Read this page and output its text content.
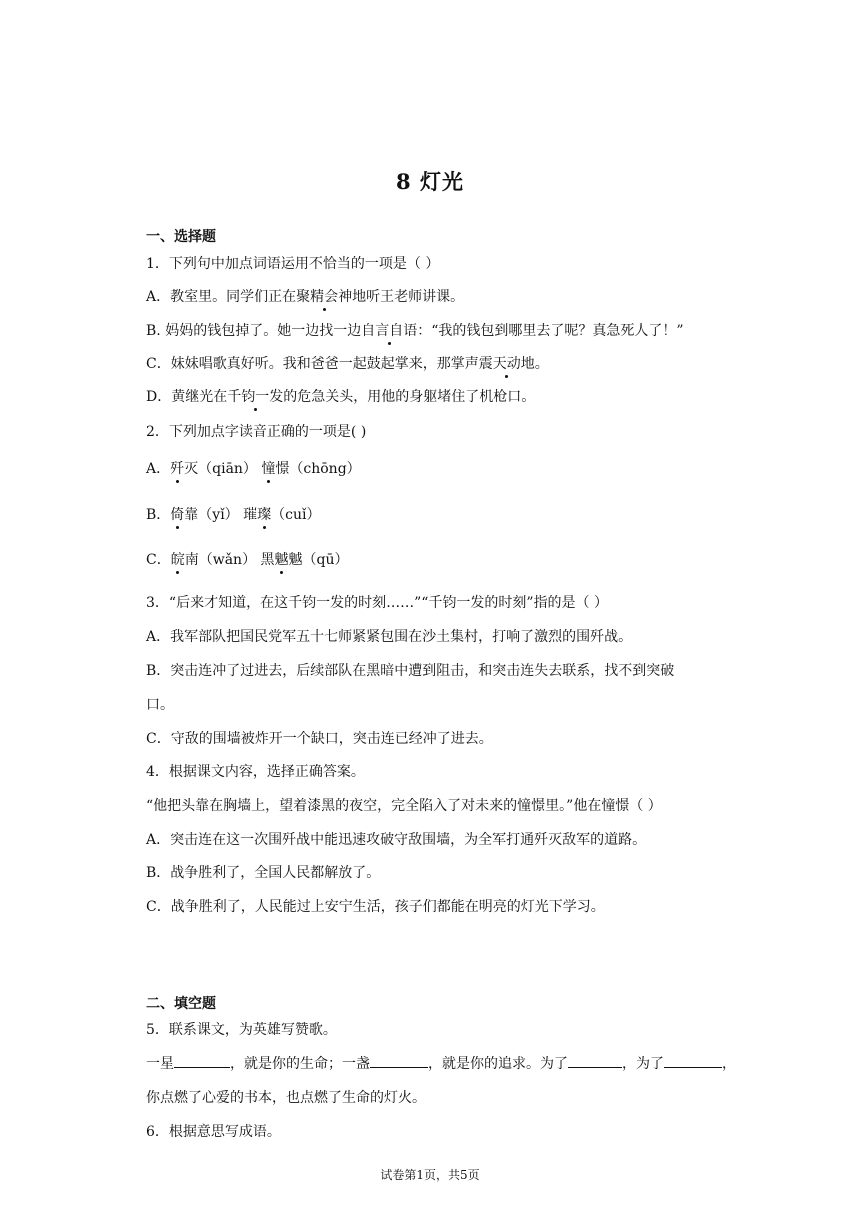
8 灯光
一、选择题
1．下列句中加点词语运用不恰当的一项是（ ）
A．教室里。同学们正在聚精会神地听王老师讲课。
B. 妈妈的钱包掉了。她一边找一边自言自语：“我的钱包到哪里去了呢？真急死人了！”
C．妹妹唱歌真好听。我和爸爸一起鼓起掌来，那掌声震天动地。
D．黄继光在千钧一发的危急关头，用他的身躯堵住了机枪口。
2．下列加点字读音正确的一项是( )
A．歼灭（qiān） 憧憬（chōng）
B．倚靠（yǐ） 璀璨（cuǐ）
C．皖南（wǎn） 黑魆魆（qū）
3．“后来才知道，在这千钧一发的时刻……”“千钧一发的时刻”指的是（ ）
A．我军部队把国民党军五十七师紧紧包围在沙土集村，打响了激烈的围歼战。
B．突击连冲了过进去，后续部队在黑暗中遭到阻击，和突击连失去联系，找不到突破
口。
C．守敌的围墙被炸开一个缺口，突击连已经冲了进去。
4．根据课文内容，选择正确答案。
“他把头靠在胸墙上，望着漆黑的夜空，完全陷入了对未来的憧憬里。”他在憧憬（ ）
A．突击连在这一次围歼战中能迅速攻破守敌围墙，为全军打通歼灭敌军的道路。
B．战争胜利了，全国人民都解放了。
C．战争胜利了，人民能过上安宁生活，孩子们都能在明亮的灯光下学习。
二、填空题
5．联系课文，为英雄写赞歌。
一星	，就是你的生命；一盏	，就是你的追求。为了	，为了	，
你点燃了心爱的书本，也点燃了生命的灯火。
6．根据意思写成语。
试卷第1页，共5页
